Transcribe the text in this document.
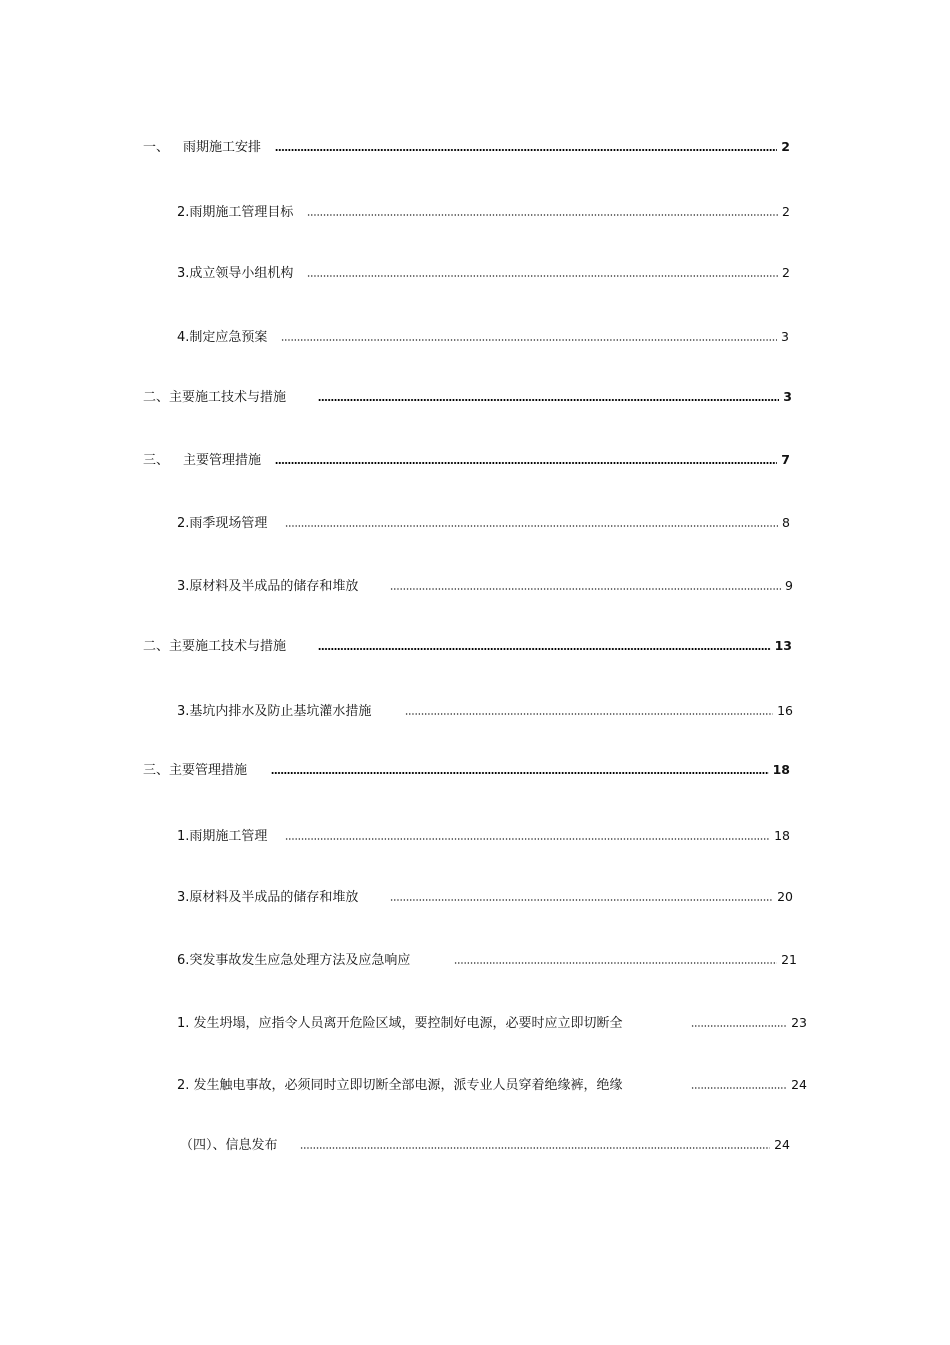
一、	雨期施工安排	2
2. 雨期施工管理目标	2
3. 成立领导小组机构	2
4. 制定应急预案	3
二、 主要施工技术与措施	3
三、	主要管理措施	7
2. 雨季现场管理	8
3. 原材料及半成品的储存和堆放	9
二、 主要施工技术与措施	13
3. 基坑内排水及防止基坑灌水措施	16
三、 主要管理措施	18
1. 雨期施工管理	18
3. 原材料及半成品的储存和堆放	20
6. 突发事故发生应急处理方法及应急响应	21
1. 发生坍塌，应指令人员离开危险区域，要控制好电源，必要时应立即切断全	23
2. 发生触电事故，必须同时立即切断全部电源，派专业人员穿着绝缘裤，绝缘	24
（四）、 信息发布	24
